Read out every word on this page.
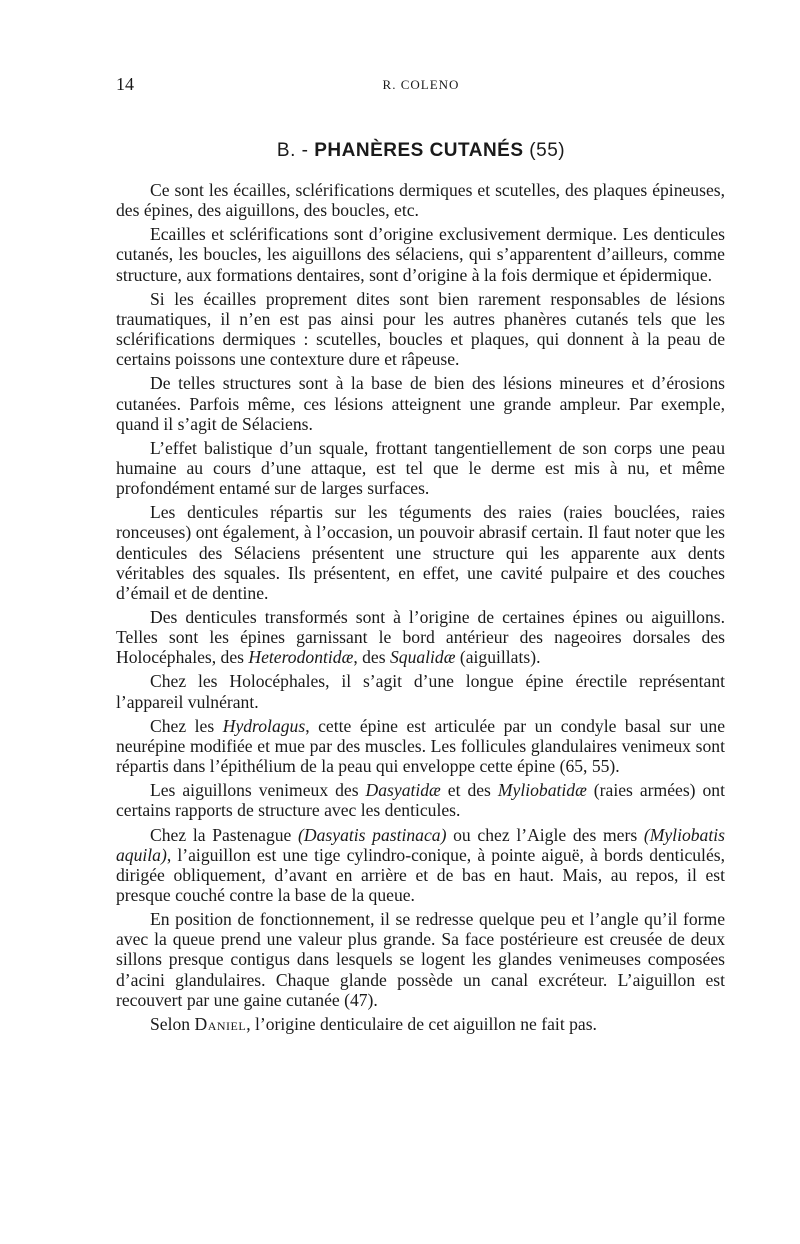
14	R. COLENO
B. - PHANÈRES CUTANÉS (55)

Ce sont les écailles, sclérifications dermiques et scutelles, des plaques épineuses, des épines, des aiguillons, des boucles, etc.

Ecailles et sclérifications sont d’origine exclusivement dermique. Les denticules cutanés, les boucles, les aiguillons des sélaciens, qui s’apparentent d’ailleurs, comme structure, aux formations dentaires, sont d’origine à la fois dermique et épidermique.

Si les écailles proprement dites sont bien rarement responsables de lésions traumatiques, il n’en est pas ainsi pour les autres phanères cutanés tels que les sclérifications dermiques : scutelles, boucles et plaques, qui donnent à la peau de certains poissons une contexture dure et râpeuse.

De telles structures sont à la base de bien des lésions mineures et d’érosions cutanées. Parfois même, ces lésions atteignent une grande ampleur. Par exemple, quand il s’agit de Sélaciens.

L’effet balistique d’un squale, frottant tangentiellement de son corps une peau humaine au cours d’une attaque, est tel que le derme est mis à nu, et même profondément entamé sur de larges surfaces.

Les denticules répartis sur les téguments des raies (raies bouclées, raies ronceuses) ont également, à l’occasion, un pouvoir abrasif certain. Il faut noter que les denticules des Sélaciens présentent une structure qui les apparente aux dents véritables des squales. Ils présentent, en effet, une cavité pulpaire et des couches d’émail et de dentine.

Des denticules transformés sont à l’origine de certaines épines ou aiguillons. Telles sont les épines garnissant le bord antérieur des nageoires dorsales des Holocéphales, des Heterodontidæ, des Squalidæ (aiguillats).

Chez les Holocéphales, il s’agit d’une longue épine érectile représentant l’appareil vulnérant.

Chez les Hydrolagus, cette épine est articulée par un condyle basal sur une neurépine modifiée et mue par des muscles. Les follicules glandulaires venimeux sont répartis dans l’épithélium de la peau qui enveloppe cette épine (65, 55).

Les aiguillons venimeux des Dasyatidæ et des Myliobatidæ (raies armées) ont certains rapports de structure avec les denticules.

Chez la Pastenague (Dasyatis pastinaca) ou chez l’Aigle des mers (Myliobatis aquila), l’aiguillon est une tige cylindro-conique, à pointe aiguë, à bords denticulés, dirigée obliquement, d’avant en arrière et de bas en haut. Mais, au repos, il est presque couché contre la base de la queue.

En position de fonctionnement, il se redresse quelque peu et l’angle qu’il forme avec la queue prend une valeur plus grande. Sa face postérieure est creusée de deux sillons presque contigus dans lesquels se logent les glandes venimeuses composées d’acini glandulaires. Chaque glande possède un canal excréteur. L’aiguillon est recouvert par une gaine cutanée (47).

Selon Daniel, l’origine denticulaire de cet aiguillon ne fait pas.
